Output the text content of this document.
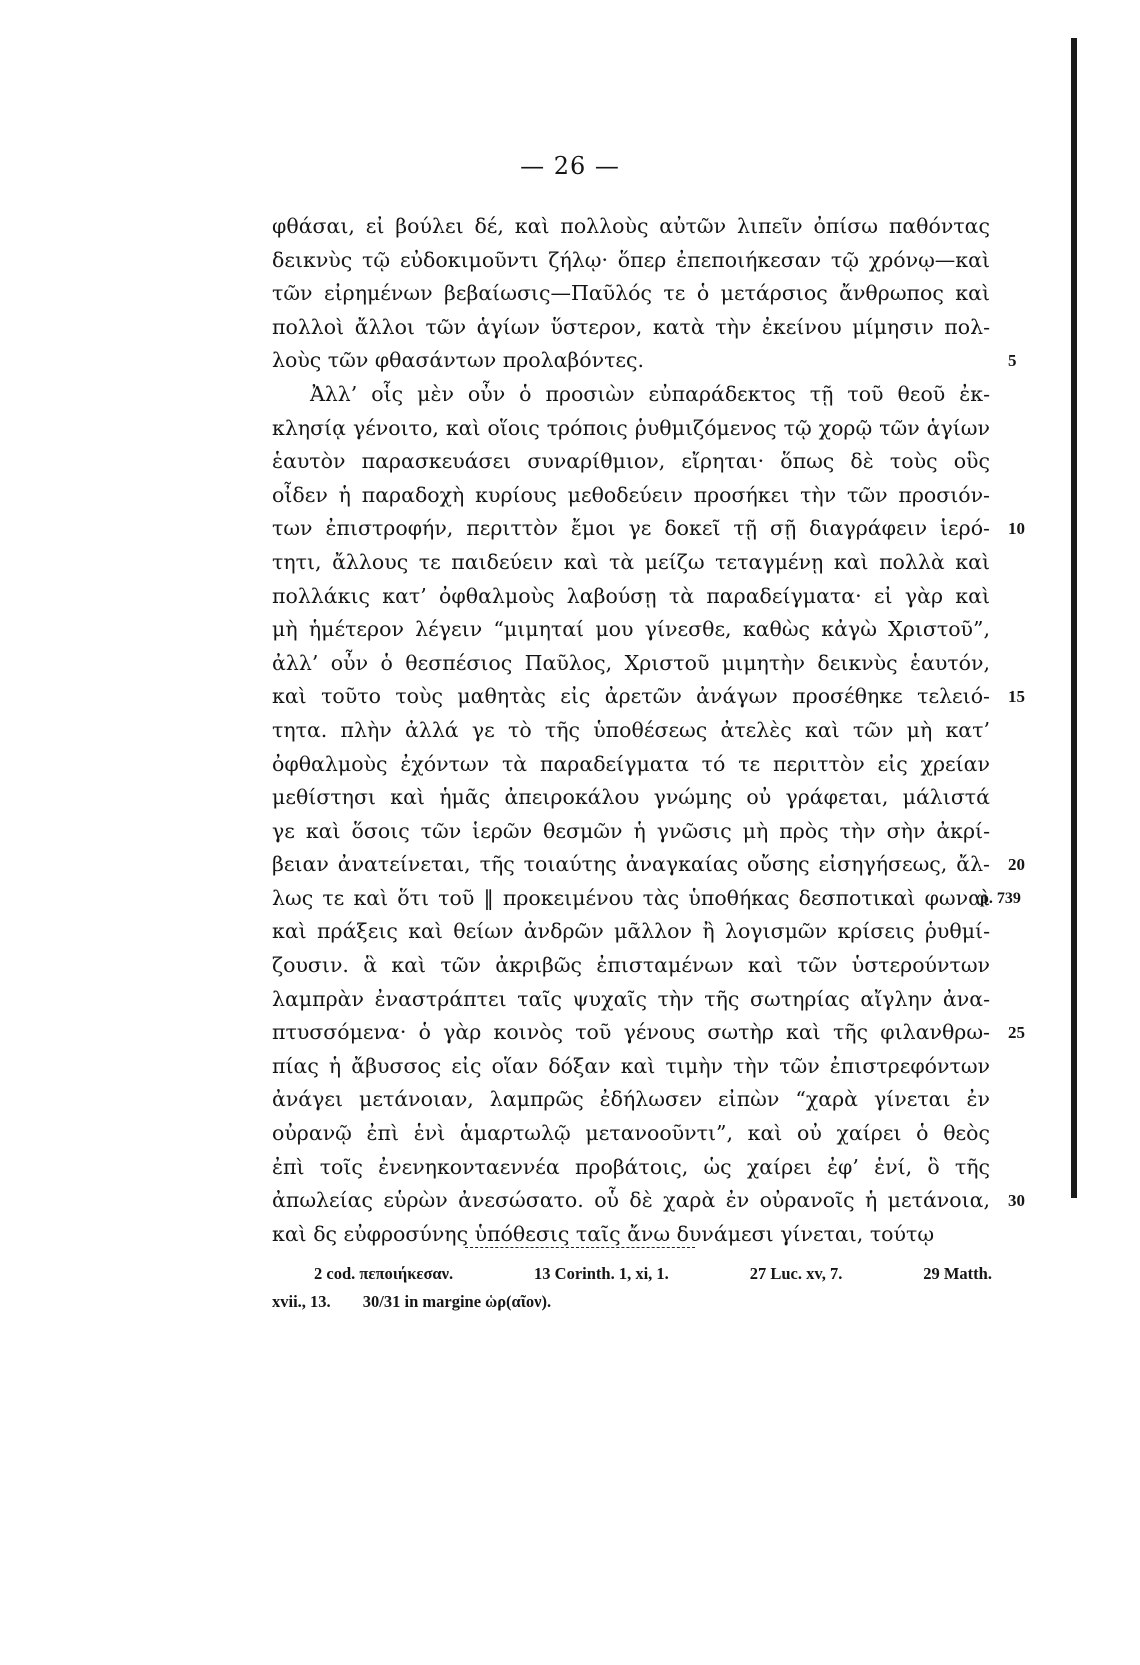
— 26 —
φθάσαι, εἰ βούλει δέ, καὶ πολλοὺς αὐτῶν λιπεῖν ὀπίσω παθόντας
δεικνὺς τῷ εὐδοκιμοῦντι ζήλῳ· ὅπερ ἐπεποιήκεσαν τῷ χρόνῳ—καὶ
τῶν εἰρημένων βεβαίωσις—Παῦλός τε ὁ μετάρσιος ἄνθρωπος καὶ
πολλοὶ ἄλλοι τῶν ἁγίων ὕστερον, κατὰ τὴν ἐκείνου μίμησιν πολ-
λοὺς τῶν φθασάντων προλαβόντες.	5
Ἀλλ’ οἷς μὲν οὖν ὁ προσιὼν εὐπαράδεκτος τῇ τοῦ θεοῦ ἐκ-
κλησίᾳ γένοιτο, καὶ οἵοις τρόποις ῥυθμιζόμενος τῷ χορῷ τῶν ἁγίων
ἑαυτὸν παρασκευάσει συναρίθμιον, εἴρηται· ὅπως δὲ τοὺς οὓς
οἶδεν ἡ παραδοχὴ κυρίους μεθοδεύειν προσήκει τὴν τῶν προσιόν-
των ἐπιστροφήν, περιττὸν ἔμοι γε δοκεῖ τῇ σῇ διαγράφειν ἱερό- 10
τητι, ἄλλους τε παιδεύειν καὶ τὰ μείζω τεταγμένῃ καὶ πολλὰ καὶ
πολλάκις κατ’ ὀφθαλμοὺς λαβούσῃ τὰ παραδείγματα· εἰ γὰρ καὶ
μὴ ἡμέτερον λέγειν “μιμηταί μου γίνεσθε, καθὼς κἀγὼ Χριστοῦ”,
ἀλλ’ οὖν ὁ θεσπέσιος Παῦλος, Χριστοῦ μιμητὴν δεικνὺς ἑαυτόν,
καὶ τοῦτο τοὺς μαθητὰς εἰς ἀρετῶν ἀνάγων προσέθηκε τελειό- 15
τητα. πλὴν ἀλλά γε τὸ τῆς ὑποθέσεως ἀτελὲς καὶ τῶν μὴ κατ’
ὀφθαλμοὺς ἐχόντων τὰ παραδείγματα τό τε περιττὸν εἰς χρείαν
μεθίστησι καὶ ἡμᾶς ἀπειροκάλου γνώμης οὐ γράφεται, μάλιστά
γε καὶ ὅσοις τῶν ἱερῶν θεσμῶν ἡ γνῶσις μὴ πρὸς τὴν σὴν ἀκρί-
βειαν ἀνατείνεται, τῆς τοιαύτης ἀναγκαίας οὔσης εἰσηγήσεως, ἄλ- 20
λως τε καὶ ὅτι τοῦ ‖ προκειμένου τὰς ὑποθήκας δεσποτικαὶ φωναὶ
p. 739
καὶ πράξεις καὶ θείων ἀνδρῶν μᾶλλον ἢ λογισμῶν κρίσεις ῥυθμί-
ζουσιν. ἃ καὶ τῶν ἀκριβῶς ἐπισταμένων καὶ τῶν ὑστερούντων
λαμπρὰν ἐναστράπτει ταῖς ψυχαῖς τὴν τῆς σωτηρίας αἴγλην ἀνα-
πτυσσόμενα· ὁ γὰρ κοινὸς τοῦ γένους σωτὴρ καὶ τῆς φιλανθρω- 25
πίας ἡ ἄβυσσος εἰς οἵαν δόξαν καὶ τιμὴν τὴν τῶν ἐπιστρεφόντων
ἀνάγει μετάνοιαν, λαμπρῶς ἐδήλωσεν εἰπὼν “χαρὰ γίνεται ἐν
οὐρανῷ ἐπὶ ἑνὶ ἁμαρτωλῷ μετανοοῦντι”, καὶ οὐ χαίρει ὁ θεὸς
ἐπὶ τοῖς ἐνενηκονταεννέα προβάτοις, ὡς χαίρει ἐφ’ ἑνί, ὃ τῆς
ἀπωλείας εὑρὼν ἀνεσώσατο. οὗ δὲ χαρὰ ἐν οὐρανοῖς ἡ μετάνοια, 30
καὶ δς εὐφροσύνης ὑπόθεσις ταῖς ἄνω δυνάμεσι γίνεται, τούτῳ
2 cod. πεποιήκεσαν.	13 Corinth. 1, xi, 1.	27 Luc. xv, 7.	29 Matth.
xvii., 13. 30/31 in margine ὡρ(αῖον).
